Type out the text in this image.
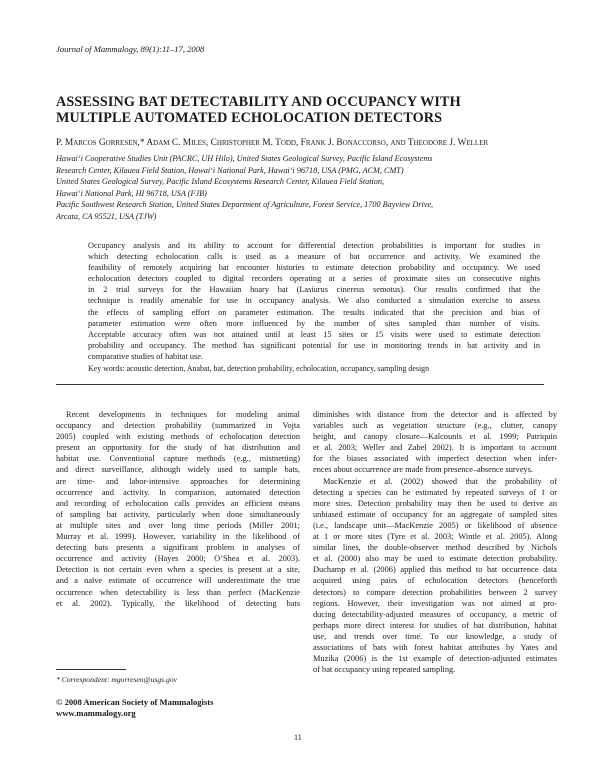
Journal of Mammalogy, 89(1):11–17, 2008
ASSESSING BAT DETECTABILITY AND OCCUPANCY WITH
MULTIPLE AUTOMATED ECHOLOCATION DETECTORS
P. Marcos Gorresen,* Adam C. Miles, Christopher M. Todd, Frank J. Bonaccorso, and Theodore J. Weller
Hawai‘i Cooperative Studies Unit (PACRC, UH Hilo), United States Geological Survey, Pacific Island Ecosystems
Research Center, Kilauea Field Station, Hawai‘i National Park, Hawai‘i 96718, USA (PMG, ACM, CMT)
United States Geological Survey, Pacific Island Ecosystems Research Center, Kilauea Field Station,
Hawai‘i National Park, HI 96718, USA (FJB)
Pacific Southwest Research Station, United States Department of Agriculture, Forest Service, 1700 Bayview Drive,
Arcata, CA 95521, USA (TJW)
Occupancy analysis and its ability to account for differential detection probabilities is important for studies in
which detecting echolocation calls is used as a measure of bat occurrence and activity. We examined the
feasibility of remotely acquiring bat encounter histories to estimate detection probability and occupancy. We used
echolocation detectors coupled to digital recorders operating at a series of proximate sites on consecutive nights
in 2 trial surveys for the Hawaiian hoary bat (Lasiurus cinereus semotus). Our results confirmed that the
technique is readily amenable for use in occupancy analysis. We also conducted a simulation exercise to assess
the effects of sampling effort on parameter estimation. The results indicated that the precision and bias of
parameter estimation were often more influenced by the number of sites sampled than number of visits.
Acceptable accuracy often was not attained until at least 15 sites or 15 visits were used to estimate detection
probability and occupancy. The method has significant potential for use in monitoring trends in bat activity and in
comparative studies of habitat use.
Key words: acoustic detection, Anabat, bat, detection probability, echolocation, occupancy, sampling design
Recent developments in techniques for modeling animal
occupancy and detection probability (summarized in Vojta
2005) coupled with existing methods of echolocation detection
present an opportunity for the study of bat distribution and
habitat use. Conventional capture methods (e.g., mistnetting)
and direct surveillance, although widely used to sample bats,
are time- and labor-intensive approaches for determining
occurrence and activity. In comparison, automated detection
and recording of echolocation calls provides an efficient means
of sampling bat activity, particularly when done simultaneously
at multiple sites and over long time periods (Miller 2001;
Murray et al. 1999). However, variability in the likelihood of
detecting bats presents a significant problem in analyses of
occurrence and activity (Hayes 2000; O’Shea et al. 2003).
Detection is not certain even when a species is present at a site,
and a naïve estimate of occurrence will underestimate the true
occurrence when detectability is less than perfect (MacKenzie
et al. 2002). Typically, the likelihood of detecting bats
diminishes with distance from the detector and is affected by
variables such as vegetation structure (e.g., clutter, canopy
height, and canopy closure—Kalcounis et al. 1999; Patriquin
et al. 2003; Weller and Zabel 2002). It is important to account
for the biases associated with imperfect detection when infer-
ences about occurrence are made from presence–absence surveys.
MacKenzie et al. (2002) showed that the probability of
detecting a species can be estimated by repeated surveys of 1 or
more sites. Detection probability may then be used to derive an
unbiased estimate of occupancy for an aggregate of sampled sites
(i.e., landscape unit—MacKenzie 2005) or likelihood of absence
at 1 or more sites (Tyre et al. 2003; Wintle et al. 2005). Along
similar lines, the double-observer method described by Nichols
et al. (2000) also may be used to estimate detection probability.
Duchamp et al. (2006) applied this method to bat occurrence data
acquired using pairs of echolocation detectors (henceforth
detectors) to compare detection probabilities between 2 survey
regions. However, their investigation was not aimed at pro-
ducing detectability-adjusted measures of occupancy, a metric of
perhaps more direct interest for studies of bat distribution, habitat
use, and trends over time. To our knowledge, a study of
associations of bats with forest habitat attributes by Yates and
Muzika (2006) is the 1st example of detection-adjusted estimates
of bat occupancy using repeated sampling.
* Correspondent: mgorresen@usgs.gov
© 2008 American Society of Mammalogists
www.mammalogy.org
11
